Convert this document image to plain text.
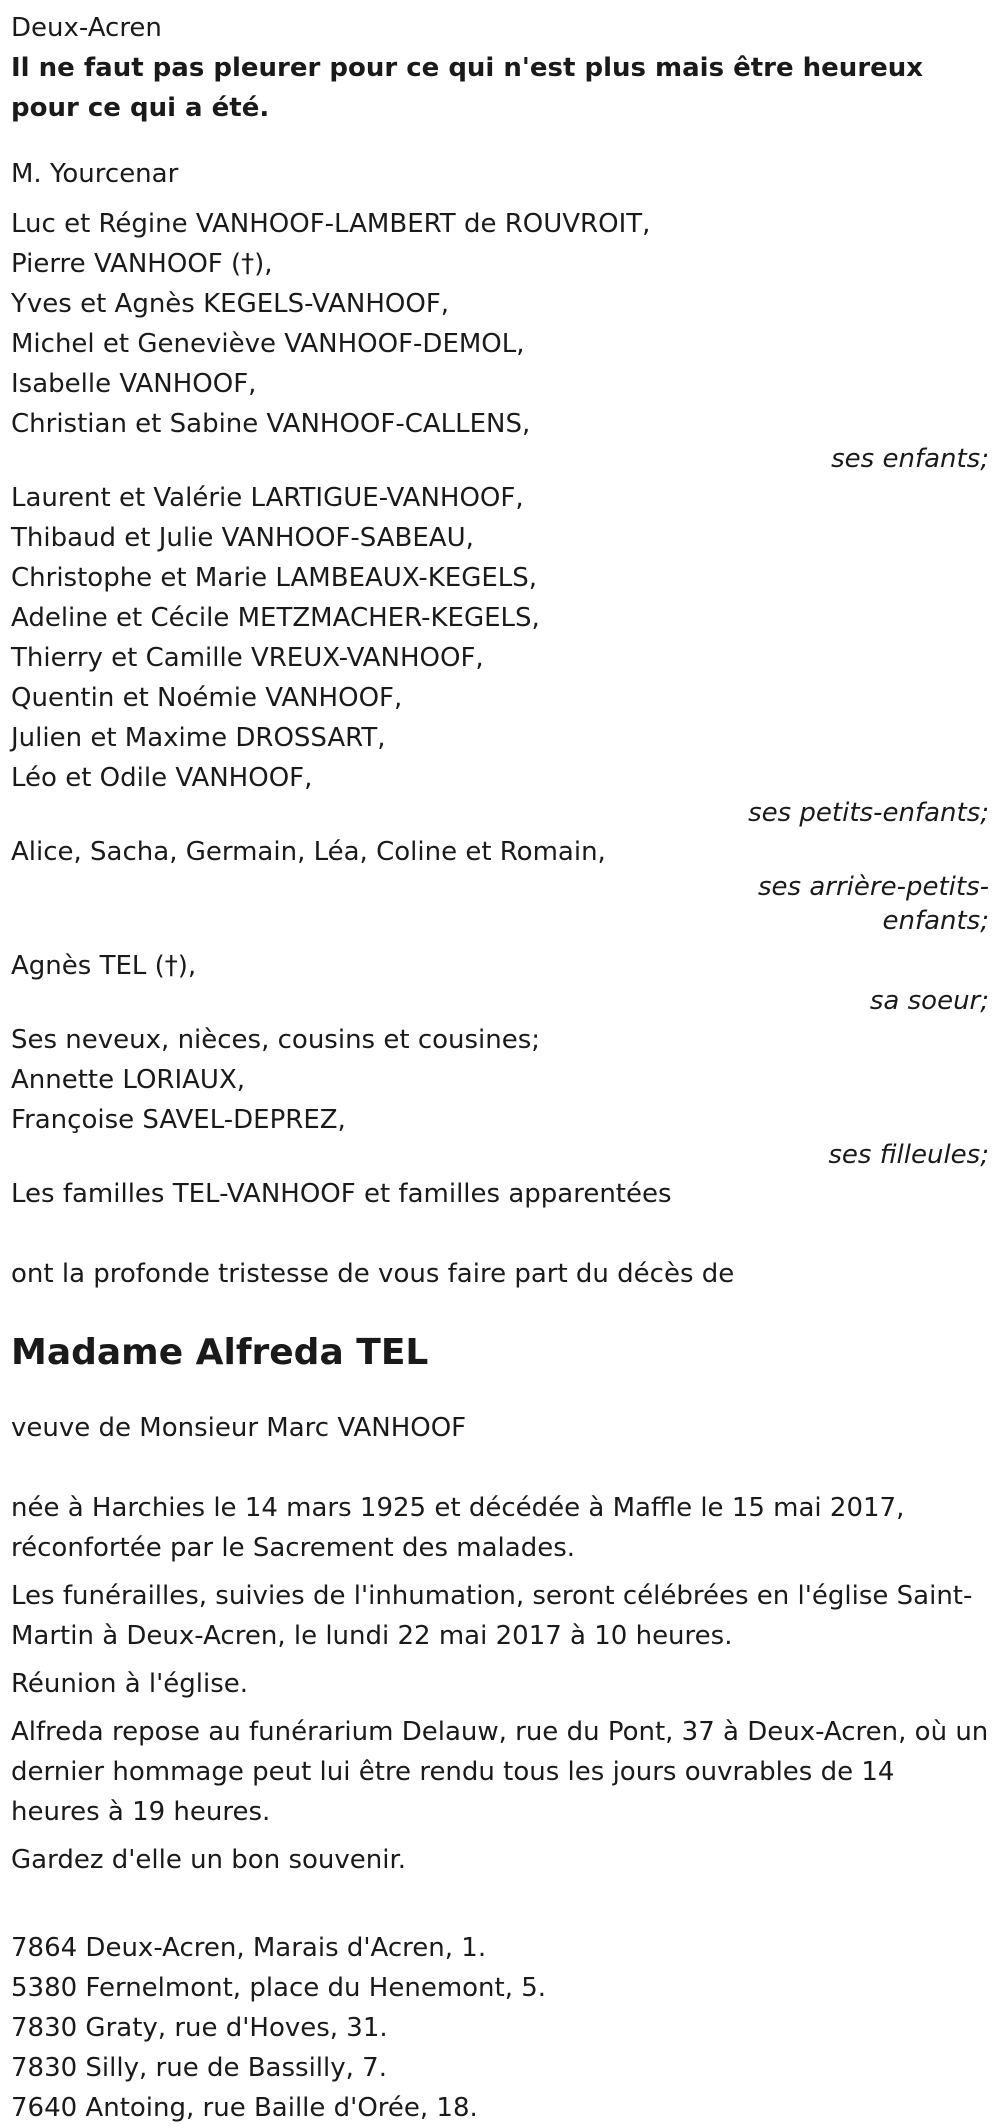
Deux-Acren
Il ne faut pas pleurer pour ce qui n'est plus mais être heureux pour ce qui a été.
M. Yourcenar
Luc et Régine VANHOOF-LAMBERT de ROUVROIT,
Pierre VANHOOF (†),
Yves et Agnès KEGELS-VANHOOF,
Michel et Geneviève VANHOOF-DEMOL,
Isabelle VANHOOF,
Christian et Sabine VANHOOF-CALLENS,
ses enfants;
Laurent et Valérie LARTIGUE-VANHOOF,
Thibaud et Julie VANHOOF-SABEAU,
Christophe et Marie LAMBEAUX-KEGELS,
Adeline et Cécile METZMACHER-KEGELS,
Thierry et Camille VREUX-VANHOOF,
Quentin et Noémie VANHOOF,
Julien et Maxime DROSSART,
Léo et Odile VANHOOF,
ses petits-enfants;
Alice, Sacha, Germain, Léa, Coline et Romain,
ses arrière-petits-
enfants;
Agnès TEL (†),
sa soeur;
Ses neveux, nièces, cousins et cousines;
Annette LORIAUX,
Françoise SAVEL-DEPREZ,
ses filleules;
Les familles TEL-VANHOOF et familles apparentées
ont la profonde tristesse de vous faire part du décès de
Madame Alfreda TEL
veuve de Monsieur Marc VANHOOF

née à Harchies le 14 mars 1925 et décédée à Maffle le 15 mai 2017, réconfortée par le Sacrement des malades.

Les funérailles, suivies de l'inhumation, seront célébrées en l'église Saint-Martin à Deux-Acren, le lundi 22 mai 2017 à 10 heures.

Réunion à l'église.

Alfreda repose au funérarium Delauw, rue du Pont, 37 à Deux-Acren, où un dernier hommage peut lui être rendu tous les jours ouvrables de 14 heures à 19 heures.

Gardez d'elle un bon souvenir.

7864 Deux-Acren, Marais d'Acren, 1.
5380 Fernelmont, place du Henemont, 5.
7830 Graty, rue d'Hoves, 31.
7830 Silly, rue de Bassilly, 7.
7640 Antoing, rue Baille d'Orée, 18.
